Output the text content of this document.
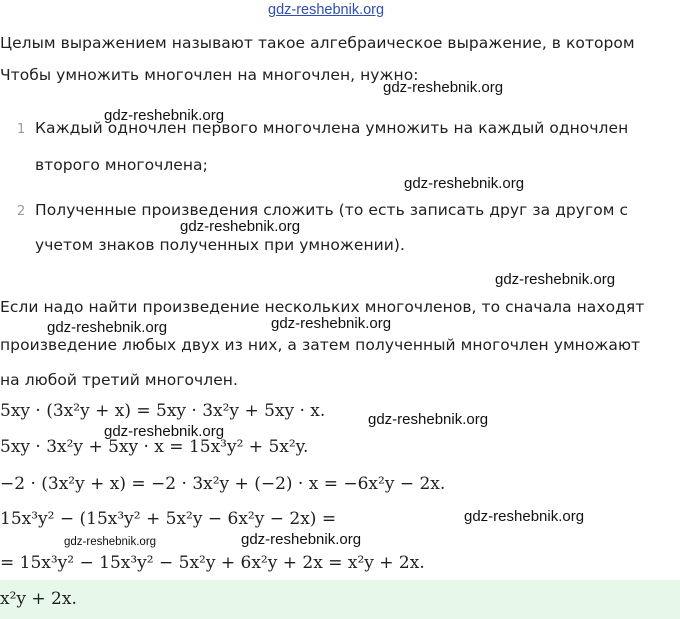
gdz-reshebnik.org
Целым выражением называют такое алгебраическое выражение, в котором
Чтобы умножить многочлен на многочлен, нужно:
gdz-reshebnik.org
gdz-reshebnik.org
1 Каждый одночлен первого многочлена умножить на каждый одночлен
второго многочлена;
gdz-reshebnik.org
2 Полученные произведения сложить (то есть записать друг за другом с
gdz-reshebnik.org
учетом знаков полученных при умножении).
gdz-reshebnik.org
Если надо найти произведение нескольких многочленов, то сначала находят
gdz-reshebnik.org	gdz-reshebnik.org
произведение любых двух из них, а затем полученный многочлен умножают
на любой третий многочлен.
5xy · (3x²y + x) = 5xy · 3x²y + 5xy · x.	gdz-reshebnik.org
gdz-reshebnik.org
5xy · 3x²y + 5xy · x = 15x³y² + 5x²y.
−2 · (3x²y + x) = −2 · 3x²y + (−2) · x = −6x²y − 2x.
15x³y² − (15x³y² + 5x²y − 6x²y − 2x) =	gdz-reshebnik.org
gdz-reshebnik.org	gdz-reshebnik.org
= 15x³y² − 15x³y² − 5x²y + 6x²y + 2x = x²y + 2x.
x²y + 2x.
